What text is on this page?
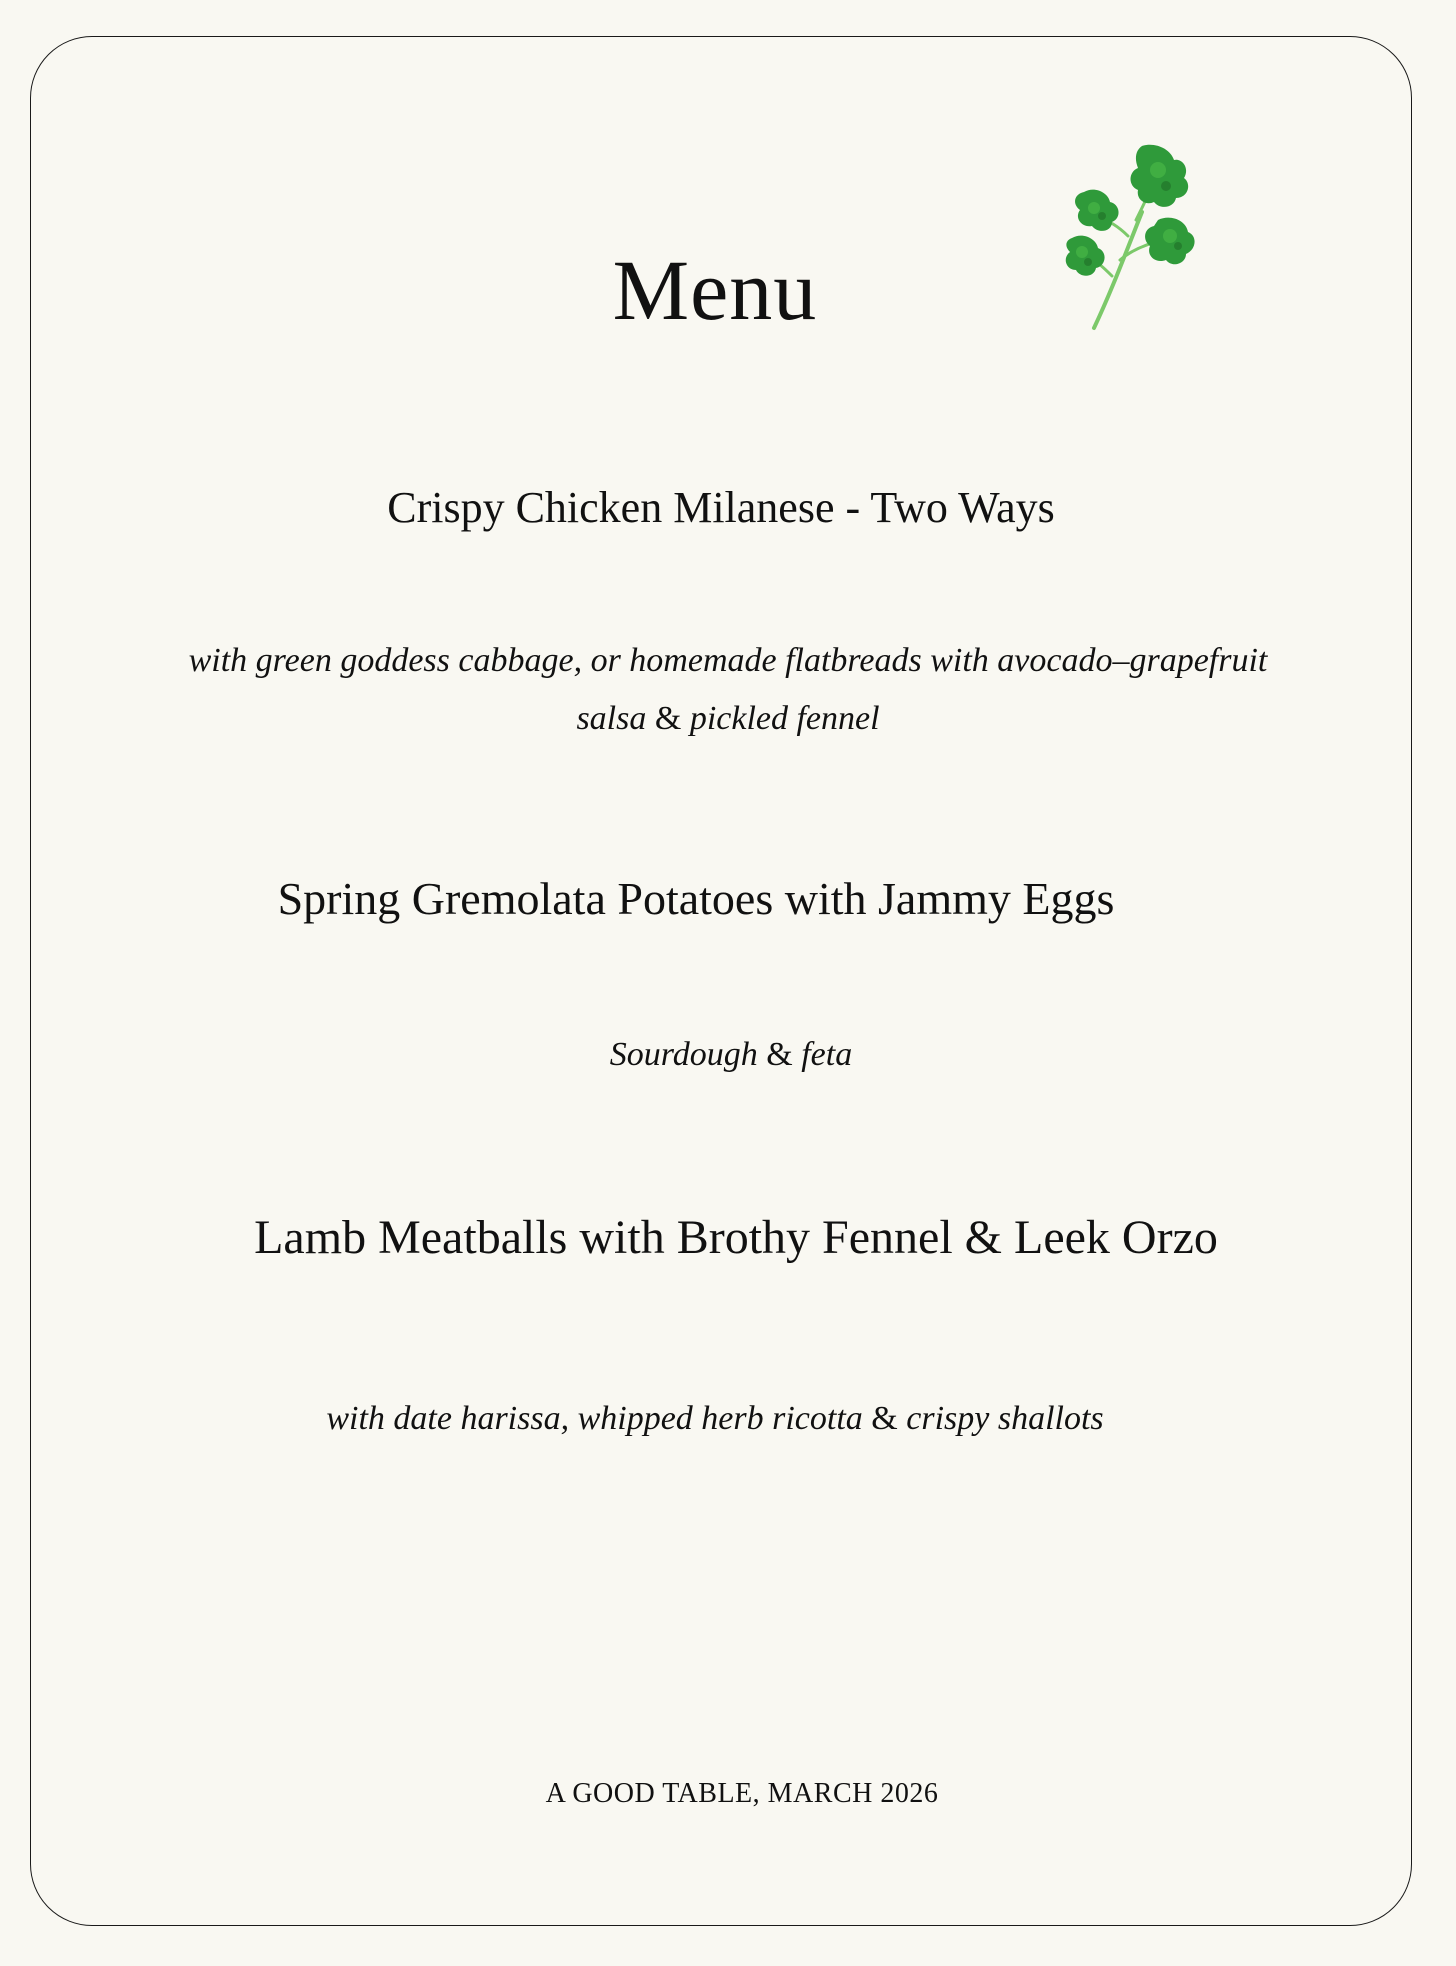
Menu
Crispy Chicken Milanese - Two Ways

with green goddess cabbage, or homemade flatbreads with avocado–grapefruit
salsa & pickled fennel

Spring Gremolata Potatoes with Jammy Eggs

Sourdough & feta

Lamb Meatballs with Brothy Fennel & Leek Orzo

with date harissa, whipped herb ricotta & crispy shallots

A GOOD TABLE, MARCH 2026
